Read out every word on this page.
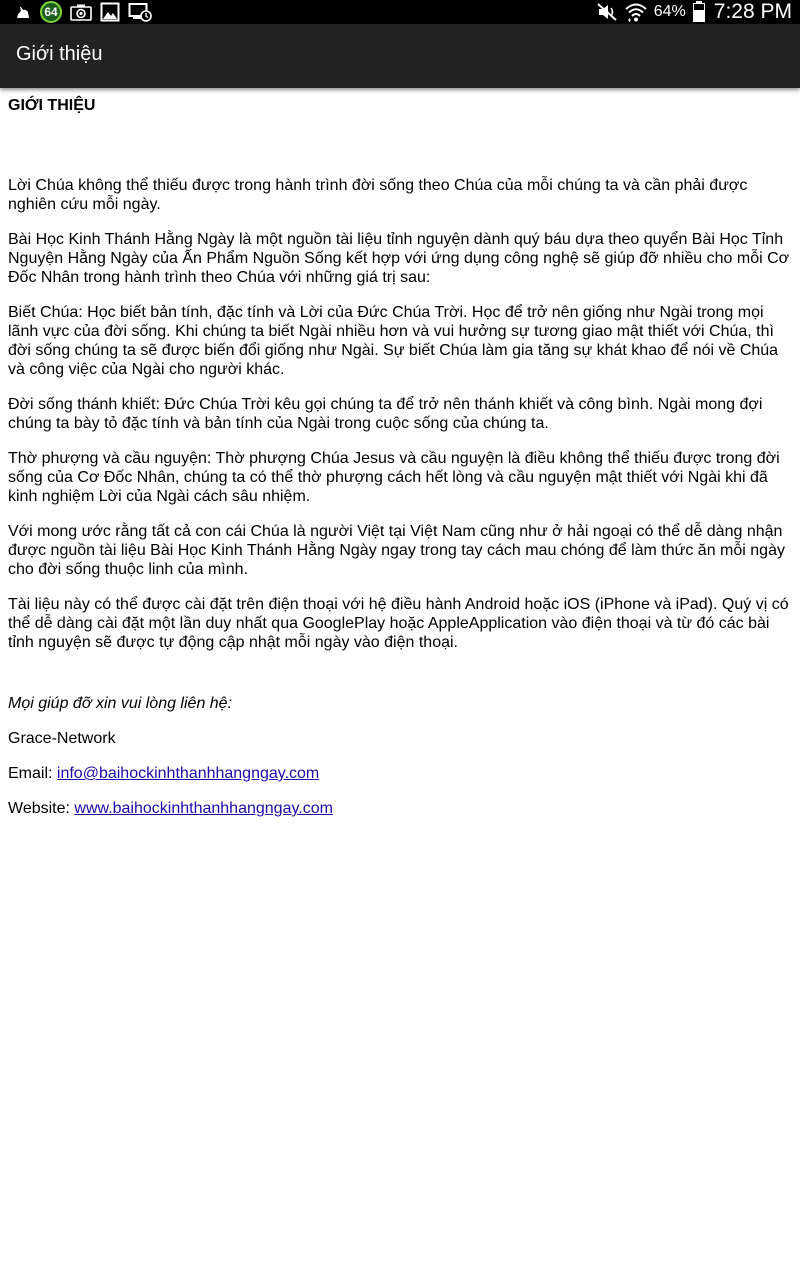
64	64% 7:28 PM
Giới thiệu
GIỚI THIỆU

Lời Chúa không thể thiếu được trong hành trình đời sống theo Chúa của mỗi chúng ta và cần phải được nghiên cứu mỗi ngày.

Bài Học Kinh Thánh Hằng Ngày là một nguồn tài liệu tỉnh nguyện dành quý báu dựa theo quyển Bài Học Tỉnh Nguyện Hằng Ngày của Ấn Phẩm Nguồn Sống kết hợp với ứng dụng công nghệ sẽ giúp đỡ nhiều cho mỗi Cơ Đốc Nhân trong hành trình theo Chúa với những giá trị sau:

Biết Chúa: Học biết bản tính, đặc tính và Lời của Đức Chúa Trời. Học để trở nên giống như Ngài trong mọi lãnh vực của đời sống. Khi chúng ta biết Ngài nhiều hơn và vui hưởng sự tương giao mật thiết với Chúa, thì đời sống chúng ta sẽ được biến đổi giống như Ngài. Sự biết Chúa làm gia tăng sự khát khao để nói về Chúa và công việc của Ngài cho người khác.

Đời sống thánh khiết: Đức Chúa Trời kêu gọi chúng ta để trở nên thánh khiết và công bình. Ngài mong đợi chúng ta bày tỏ đặc tính và bản tính của Ngài trong cuộc sống của chúng ta.

Thờ phượng và cầu nguyện: Thờ phượng Chúa Jesus và cầu nguyện là điều không thể thiếu được trong đời sống của Cơ Đốc Nhân, chúng ta có thể thờ phượng cách hết lòng và cầu nguyện mật thiết với Ngài khi đã kinh nghiệm Lời của Ngài cách sâu nhiệm.

Với mong ước rằng tất cả con cái Chúa là người Việt tại Việt Nam cũng như ở hải ngoại có thể dễ dàng nhận được nguồn tài liệu Bài Học Kinh Thánh Hằng Ngày ngay trong tay cách mau chóng để làm thức ăn mỗi ngày cho đời sống thuộc linh của mình.

Tài liệu này có thể được cài đặt trên điện thoại với hệ điều hành Android hoặc iOS (iPhone và iPad). Quý vị có thể dễ dàng cài đặt một lần duy nhất qua GooglePlay hoặc AppleApplication vào điện thoại và từ đó các bài tỉnh nguyện sẽ được tự động cập nhật mỗi ngày vào điện thoại.

Mọi giúp đỡ xin vui lòng liên hệ:

Grace-Network

Email: info@baihockinhthanhhangngay.com

Website: www.baihockinhthanhhangngay.com
